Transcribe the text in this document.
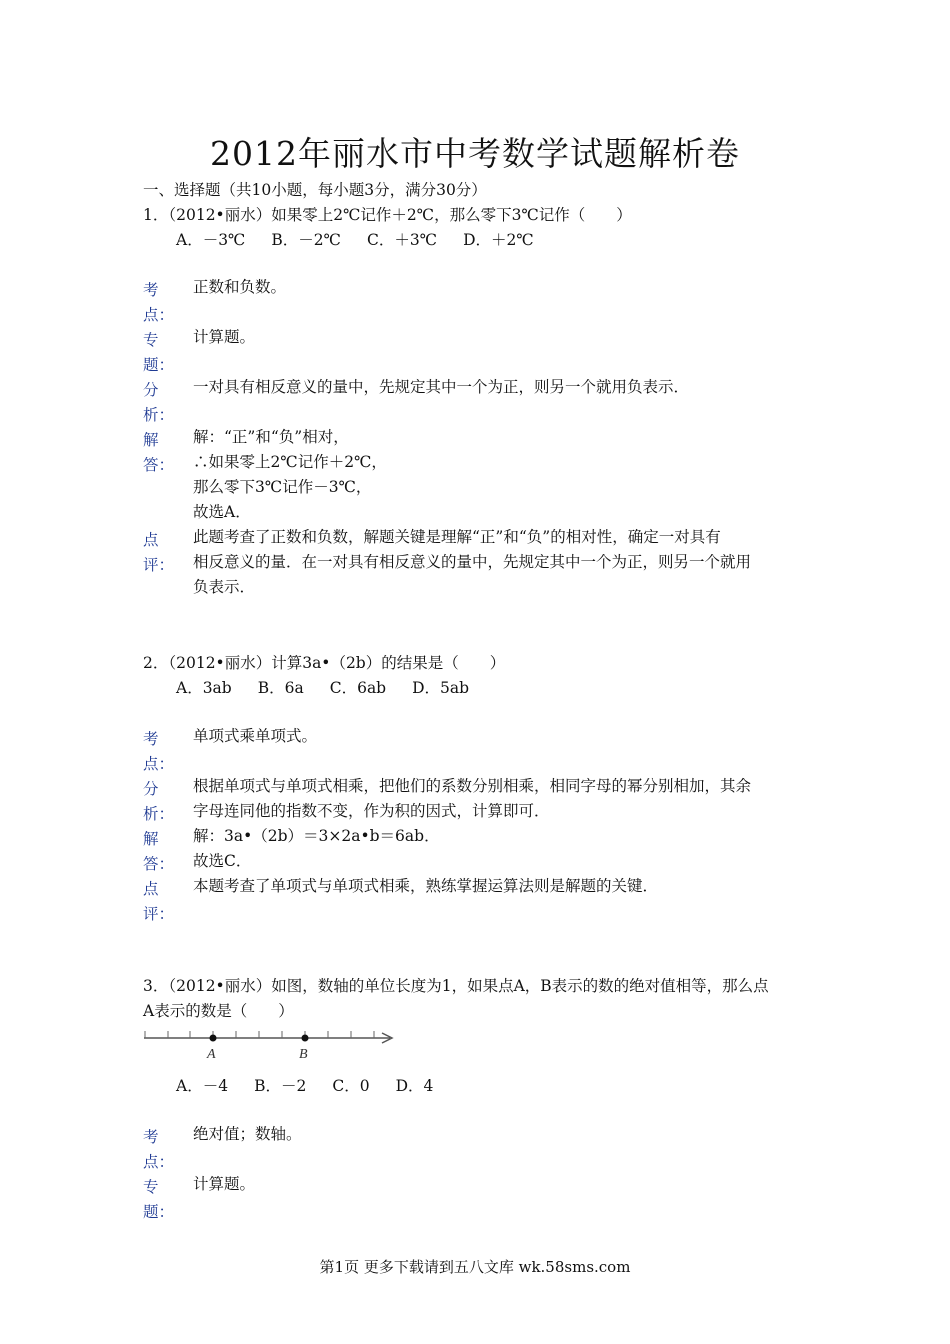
2012年丽水市中考数学试题解析卷
一、选择题（共10小题，每小题3分，满分30分）
1．（2012•丽水）如果零上2℃记作＋2℃，那么零下3℃记作（　　）
A．－3℃ B．－2℃ C．＋3℃ D．＋2℃
考
点：
正数和负数。
专
题：
计算题。
分
析：
一对具有相反意义的量中，先规定其中一个为正，则另一个就用负表示．
解
答：
解：“正”和“负”相对，
∴如果零上2℃记作＋2℃，
那么零下3℃记作－3℃，
故选A．
点
评：
此题考查了正数和负数，解题关键是理解“正”和“负”的相对性，确定一对具有
相反意义的量．在一对具有相反意义的量中，先规定其中一个为正，则另一个就用
负表示．
2．（2012•丽水）计算3a•（2b）的结果是（　　）
A．3ab B．6a C．6ab D．5ab
考
点：
单项式乘单项式。
分
析：
根据单项式与单项式相乘，把他们的系数分别相乘，相同字母的幂分别相加，其余
字母连同他的指数不变，作为积的因式，计算即可．
解
答：
解：3a•（2b）＝3×2a•b＝6ab．
故选C．
点
评：
本题考查了单项式与单项式相乘，熟练掌握运算法则是解题的关键．
3．（2012•丽水）如图，数轴的单位长度为1，如果点A，B表示的数的绝对值相等，那么点
A表示的数是（　　）
A	B
A．－4 B．－2 C．0 D．4
考
点：
绝对值；数轴。
专
题：
计算题。
第1页 更多下载请到五八文库 wk.58sms.com
